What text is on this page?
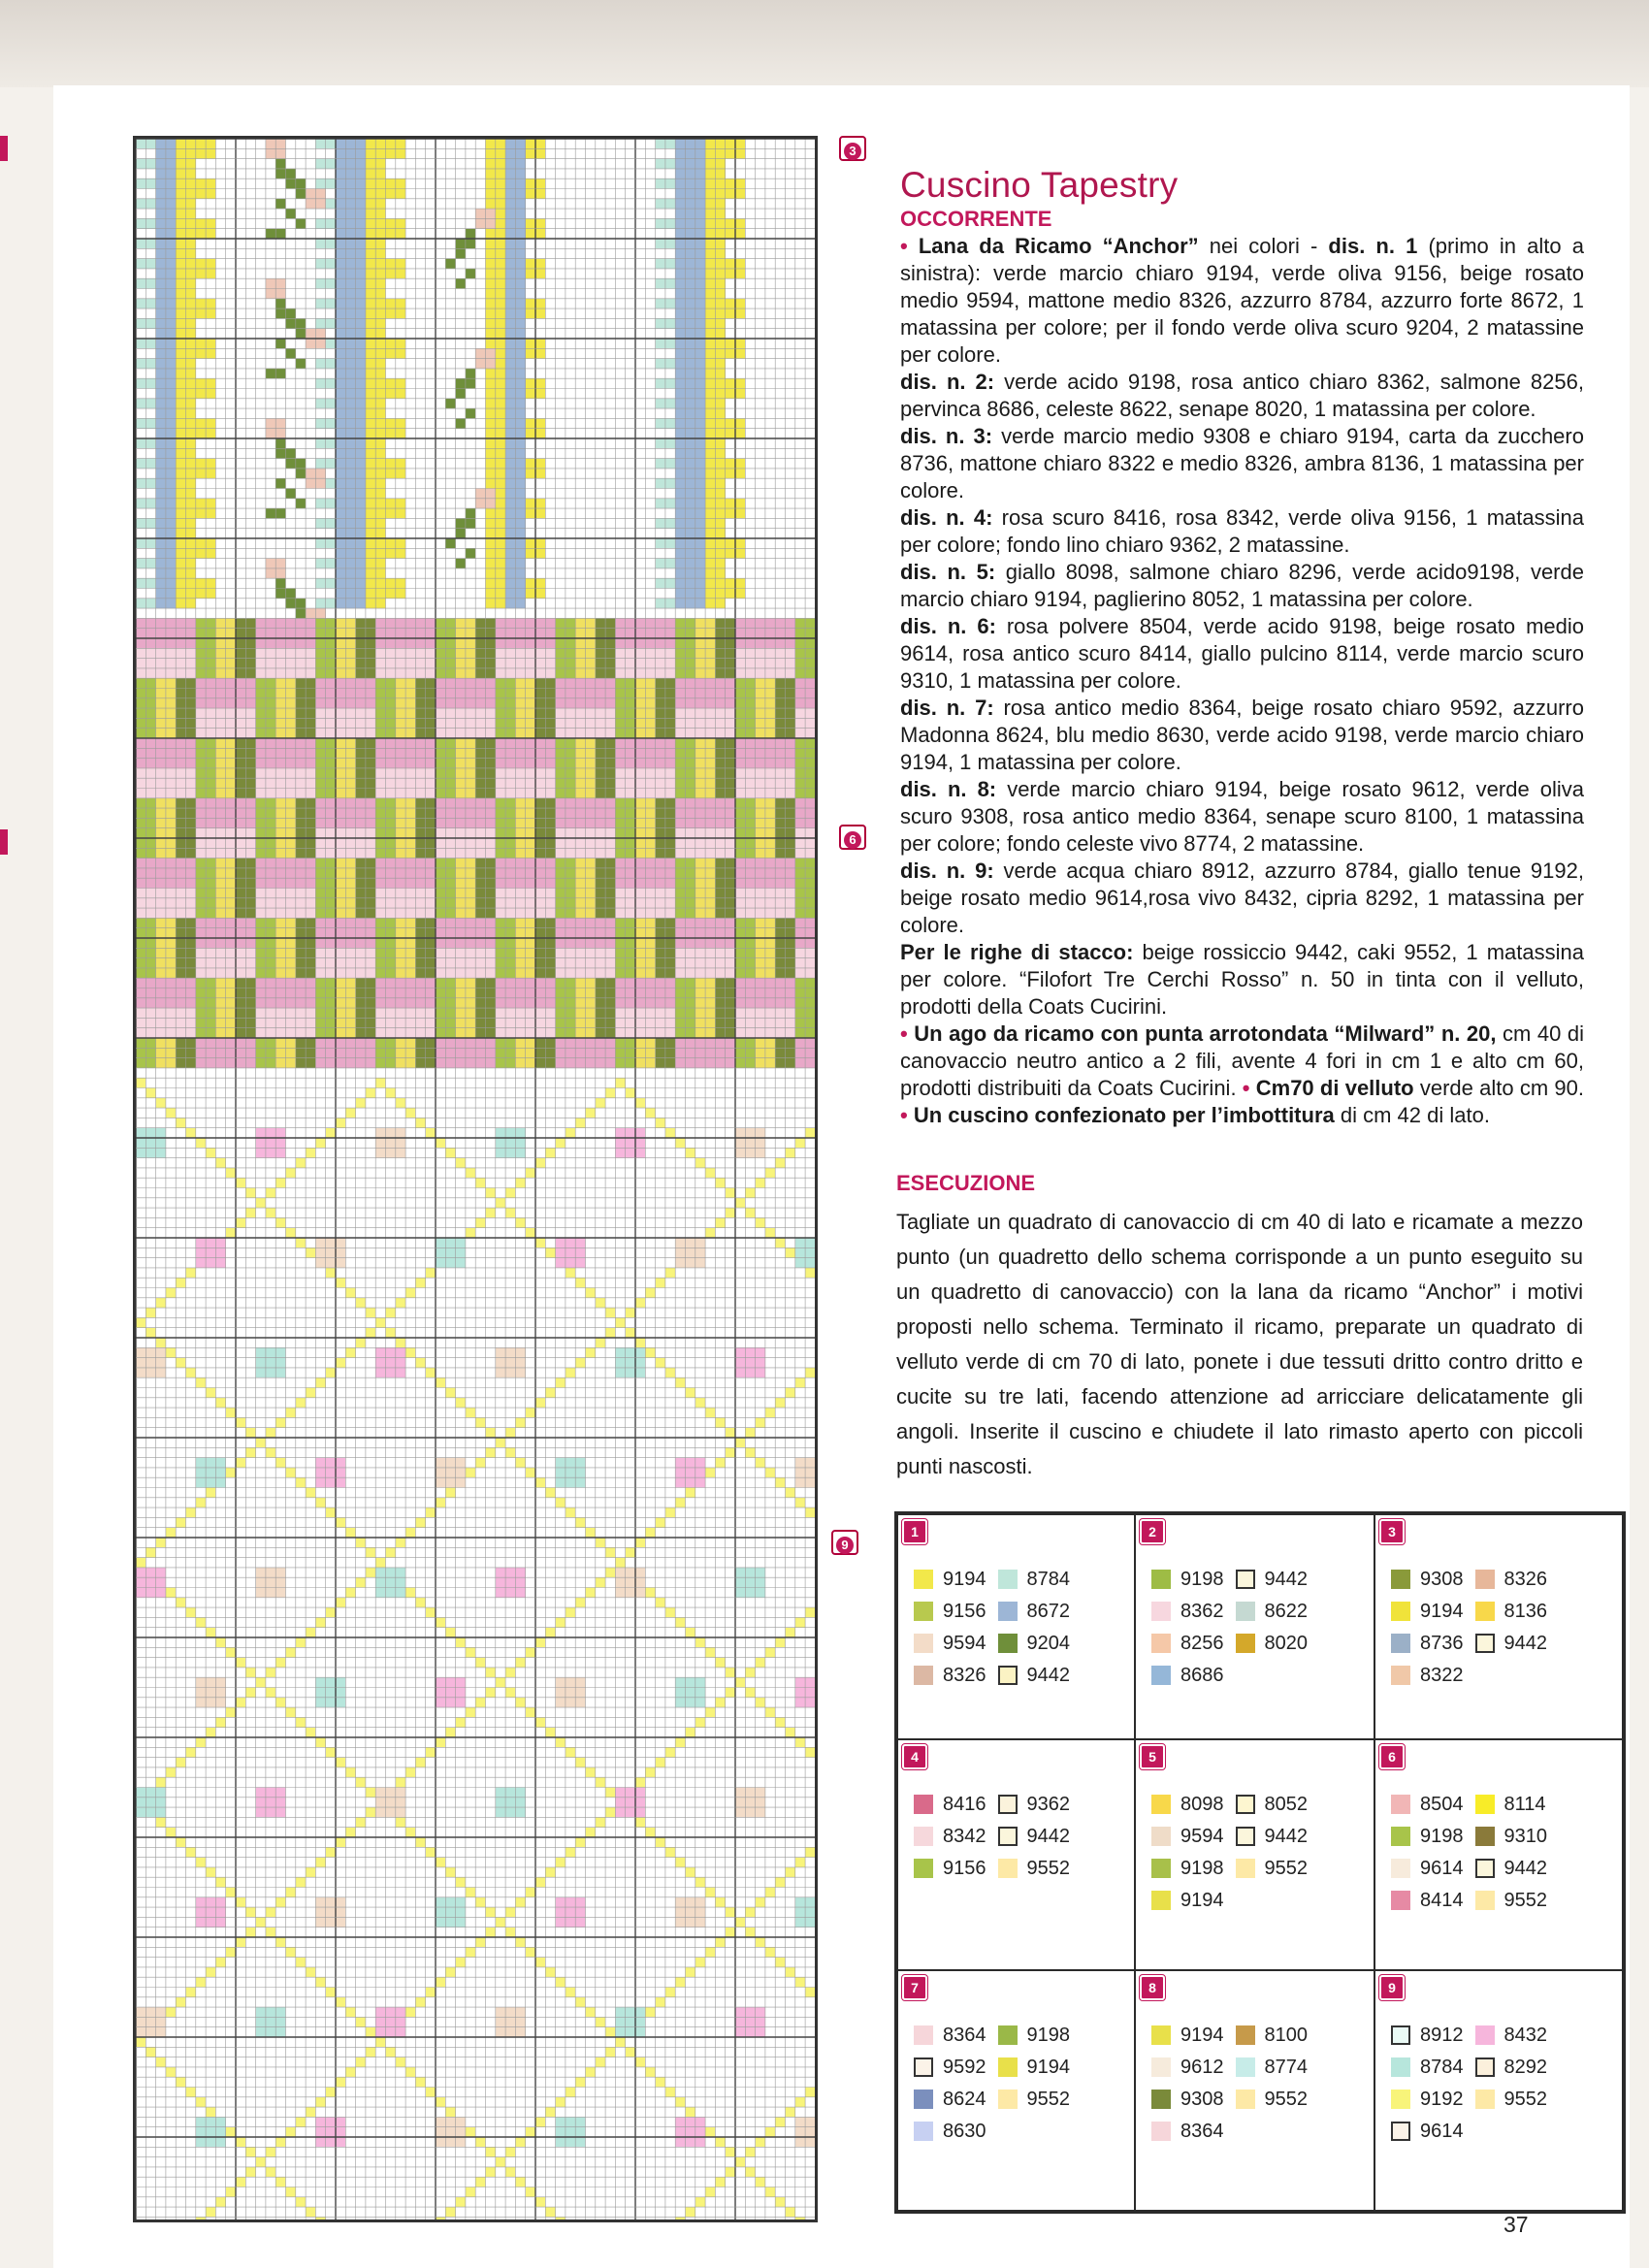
3
6
9
Cuscino Tapestry
OCCORRENTE

• Lana da Ricamo “Anchor” nei colori - dis. n. 1 (primo in alto a sinistra): verde marcio chiaro 9194, verde oliva 9156, beige rosato medio 9594, mattone medio 8326, azzurro 8784, azzurro forte 8672, 1 matassina per colore; per il fondo verde oliva scuro 9204, 2 matassine per colore.

dis. n. 2: verde acido 9198, rosa antico chiaro 8362, salmone 8256, pervinca 8686, celeste 8622, senape 8020, 1 matassina per colore.

dis. n. 3: verde marcio medio 9308 e chiaro 9194, carta da zucchero 8736, mattone chiaro 8322 e medio 8326, ambra 8136, 1 matassina per colore.

dis. n. 4: rosa scuro 8416, rosa 8342, verde oliva 9156, 1 matassina per colore; fondo lino chiaro 9362, 2 matassine.

dis. n. 5: giallo 8098, salmone chiaro 8296, verde acido9198, verde marcio chiaro 9194, paglierino 8052, 1 matassina per colore.

dis. n. 6: rosa polvere 8504, verde acido 9198, beige rosato medio 9614, rosa antico scuro 8414, giallo pulcino 8114, verde marcio scuro 9310, 1 matassina per colore.

dis. n. 7: rosa antico medio 8364, beige rosato chiaro 9592, azzurro Madonna 8624, blu medio 8630, verde acido 9198, verde marcio chiaro 9194, 1 matassina per colore.

dis. n. 8: verde marcio chiaro 9194, beige rosato 9612, verde oliva scuro 9308, rosa antico medio 8364, senape scuro 8100, 1 matassina per colore; fondo celeste vivo 8774, 2 matassine.

dis. n. 9: verde acqua chiaro 8912, azzurro 8784, giallo tenue 9192, beige rosato medio 9614,rosa vivo 8432, cipria 8292, 1 matassina per colore.

Per le righe di stacco: beige rossiccio 9442, caki 9552, 1 matassina per colore. “Filofort Tre Cerchi Rosso” n. 50 in tinta con il velluto, prodotti della Coats Cucirini.

• Un ago da ricamo con punta arrotondata “Milward” n. 20, cm 40 di canovaccio neutro antico a 2 fili, avente 4 fori in cm 1 e alto cm 60, prodotti distribuiti da Coats Cucirini. • Cm70 di velluto verde alto cm 90. • Un cuscino confezionato per l’imbottitura di cm 42 di lato.

ESECUZIONE
Tagliate un quadrato di canovaccio di cm 40 di lato e ricamate a mezzo punto (un quadretto dello schema corrisponde a un punto eseguito su un quadretto di canovaccio) con la lana da ricamo “Anchor” i motivi proposti nello schema. Terminato il ricamo, preparate un quadrato di velluto verde di cm 70 di lato, ponete i due tessuti dritto contro dritto e cucite su tre lati, facendo attenzione ad arricciare delicatamente gli angoli. Inserite il cuscino e chiudete il lato rimasto aperto con piccoli punti nascosti.
1
9194
9156
9594
8326
8784
8672
9204
9442
2
9198
8362
8256
8686
9442
8622
8020
3
9308
9194
8736
8322
8326
8136
9442
4
8416
8342
9156
9362
9442
9552
5
8098
9594
9198
9194
8052
9442
9552
6
8504
9198
9614
8414
8114
9310
9442
9552
7
8364
9592
8624
8630
9198
9194
9552
8
9194
9612
9308
8364
8100
8774
9552
9
8912
8784
9192
9614
8432
8292
9552
37
